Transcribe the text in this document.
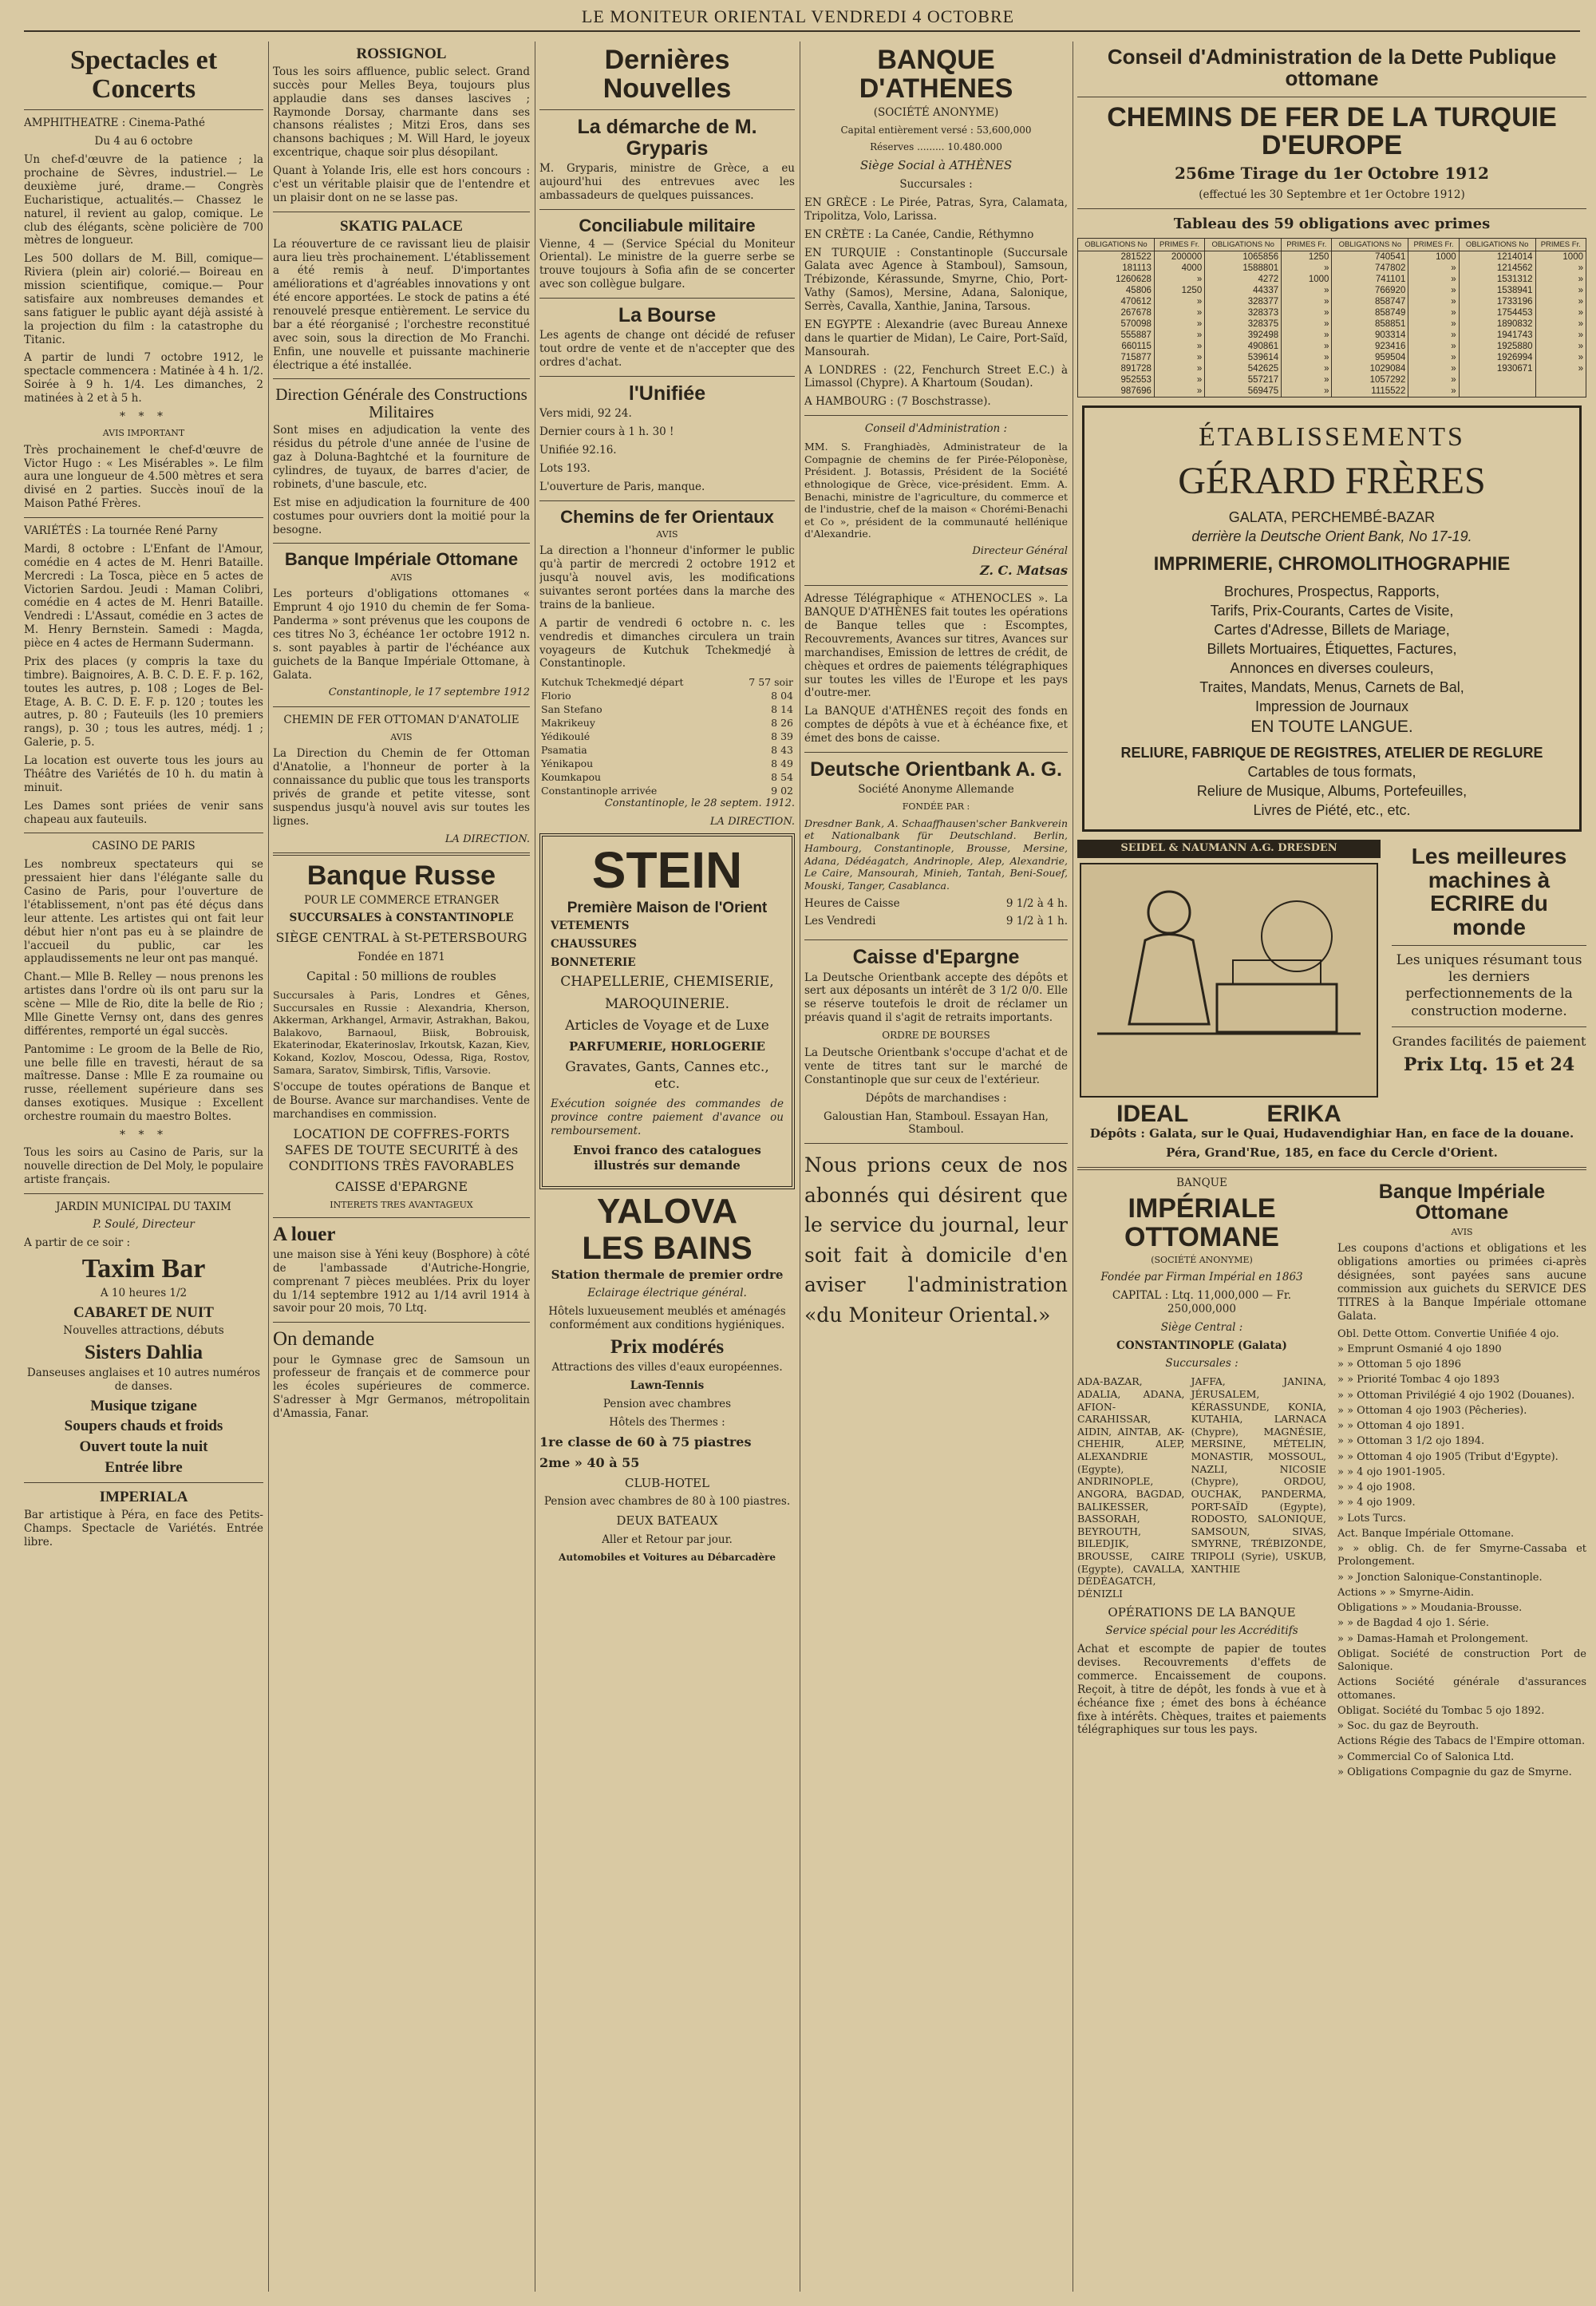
LE MONITEUR ORIENTAL VENDREDI 4 OCTOBRE
Spectacles et Concerts

AMPHITHEATRE : Cinema-Pathé

Du 4 au 6 octobre

Un chef-d'œuvre de la patience ; la prochaine de Sèvres, industriel.— Le deuxième juré, drame.— Congrès Eucharistique, actualités.— Chassez le naturel, il revient au galop, comique. Le club des élégants, scène policière de 700 mètres de longueur.

Les 500 dollars de M. Bill, comique— Riviera (plein air) colorié.— Boireau en mission scientifique, comique.— Pour satisfaire aux nombreuses demandes et sans fatiguer le public ayant déjà assisté à la projection du film : la catastrophe du Titanic.

A partir de lundi 7 octobre 1912, le spectacle commencera : Matinée à 4 h. 1/2. Soirée à 9 h. 1/4. Les dimanches, 2 matinées à 2 et à 5 h.

* * *

AVIS IMPORTANT

Très prochainement le chef-d'œuvre de Victor Hugo : « Les Misérables ». Le film aura une longueur de 4.500 mètres et sera divisé en 2 parties. Succès inouï de la Maison Pathé Frères.

VARIÉTÉS : La tournée René Parny

Mardi, 8 octobre : L'Enfant de l'Amour, comédie en 4 actes de M. Henri Bataille. Mercredi : La Tosca, pièce en 5 actes de Victorien Sardou. Jeudi : Maman Colibri, comédie en 4 actes de M. Henri Bataille. Vendredi : L'Assaut, comédie en 3 actes de M. Henry Bernstein. Samedi : Magda, pièce en 4 actes de Hermann Sudermann.

Prix des places (y compris la taxe du timbre). Baignoires, A. B. C. D. E. F. p. 162, toutes les autres, p. 108 ; Loges de Bel-Etage, A. B. C. D. E. F. p. 120 ; toutes les autres, p. 80 ; Fauteuils (les 10 premiers rangs), p. 30 ; tous les autres, médj. 1 ; Galerie, p. 5.

La location est ouverte tous les jours au Théâtre des Variétés de 10 h. du matin à minuit.

Les Dames sont priées de venir sans chapeau aux fauteuils.

CASINO DE PARIS

Les nombreux spectateurs qui se pressaient hier dans l'élégante salle du Casino de Paris, pour l'ouverture de l'établissement, n'ont pas été déçus dans leur attente. Les artistes qui ont fait leur début hier n'ont pas eu à se plaindre de l'accueil du public, car les applaudissements ne leur ont pas manqué.

Chant.— Mlle B. Relley — nous prenons les artistes dans l'ordre où ils ont paru sur la scène — Mlle de Rio, dite la belle de Rio ; Mlle Ginette Vernsy ont, dans des genres différentes, remporté un égal succès.

Pantomime : Le groom de la Belle de Rio, une belle fille en travesti, héraut de sa maîtresse. Danse : Mlle E za roumaine ou russe, réellement supérieure dans ses danses exotiques. Musique : Excellent orchestre roumain du maestro Boltes.

* * *

Tous les soirs au Casino de Paris, sur la nouvelle direction de Del Moly, le populaire artiste français.

JARDIN MUNICIPAL DU TAXIM

P. Soulé, Directeur

A partir de ce soir :

Taxim Bar

A 10 heures 1/2

CABARET DE NUIT

Nouvelles attractions, débuts

Sisters Dahlia

Danseuses anglaises et 10 autres numéros de danses.

Musique tzigane
Soupers chauds et froids
Ouvert toute la nuit
Entrée libre
IMPERIALA

Bar artistique à Péra, en face des Petits-Champs. Spectacle de Variétés. Entrée libre.

ROSSIGNOL

Tous les soirs affluence, public select. Grand succès pour Melles Beya, toujours plus applaudie dans ses danses lascives ; Raymonde Dorsay, charmante dans ses chansons réalistes ; Mitzi Eros, dans ses chansons bachiques ; M. Will Hard, le joyeux excentrique, chaque soir plus désopilant.

Quant à Yolande Iris, elle est hors concours : c'est un véritable plaisir que de l'entendre et un plaisir dont on ne se lasse pas.

SKATIG PALACE

La réouverture de ce ravissant lieu de plaisir aura lieu très prochainement. L'établissement a été remis à neuf. D'importantes améliorations et d'agréables innovations y ont été encore apportées. Le stock de patins a été renouvelé presque entièrement. Le service du bar a été réorganisé ; l'orchestre reconstitué avec soin, sous la direction de Mo Franchi. Enfin, une nouvelle et puissante machinerie électrique a été installée.

Direction Générale des Constructions Militaires

Sont mises en adjudication la vente des résidus du pétrole d'une année de l'usine de gaz à Doluna-Baghtché et la fourniture de cylindres, de tuyaux, de barres d'acier, de robinets, d'une bascule, etc.

Est mise en adjudication la fourniture de 400 costumes pour ouvriers dont la moitié pour la besogne.

Banque Impériale Ottomane

AVIS

Les porteurs d'obligations ottomanes « Emprunt 4 ojo 1910 du chemin de fer Soma-Panderma » sont prévenus que les coupons de ces titres No 3, échéance 1er octobre 1912 n. s. sont payables à partir de l'échéance aux guichets de la Banque Impériale Ottomane, à Galata.

Constantinople, le 17 septembre 1912

CHEMIN DE FER OTTOMAN D'ANATOLIE

AVIS

La Direction du Chemin de fer Ottoman d'Anatolie, a l'honneur de porter à la connaissance du public que tous les transports privés de grande et petite vitesse, sont suspendus jusqu'à nouvel avis sur toutes les lignes.

LA DIRECTION.

Banque Russe

POUR LE COMMERCE ETRANGER

SUCCURSALES à CONSTANTINOPLE

SIÈGE CENTRAL à St-PETERSBOURG

Fondée en 1871

Capital : 50 millions de roubles

Succursales à Paris, Londres et Gênes, Succursales en Russie : Alexandria, Kherson, Akkerman, Arkhangel, Armavir, Astrakhan, Bakou, Balakovo, Barnaoul, Biisk, Bobrouisk, Ekaterinodar, Ekaterinoslav, Irkoutsk, Kazan, Kiev, Kokand, Kozlov, Moscou, Odessa, Riga, Rostov, Samara, Saratov, Simbirsk, Tiflis, Varsovie.

S'occupe de toutes opérations de Banque et de Bourse. Avance sur marchandises. Vente de marchandises en commission.

LOCATION DE COFFRES-FORTS SAFES DE TOUTE SECURITÉ à des CONDITIONS TRÈS FAVORABLES

CAISSE d'EPARGNE

INTERETS TRES AVANTAGEUX

A louer

une maison sise à Yéni keuy (Bosphore) à côté de l'ambassade d'Autriche-Hongrie, comprenant 7 pièces meublées. Prix du loyer du 1/14 septembre 1912 au 1/14 avril 1914 à savoir pour 20 mois, 70 Ltq.

On demande

pour le Gymnase grec de Samsoun un professeur de français et de commerce pour les écoles supérieures de commerce. S'adresser à Mgr Germanos, métropolitain d'Amassia, Fanar.

Dernières Nouvelles
La démarche de M. Gryparis

M. Gryparis, ministre de Grèce, a eu aujourd'hui des entrevues avec les ambassadeurs de quelques puissances.

Conciliabule militaire

Vienne, 4 — (Service Spécial du Moniteur Oriental). Le ministre de la guerre serbe se trouve toujours à Sofia afin de se concerter avec son collègue bulgare.

La Bourse

Les agents de change ont décidé de refuser tout ordre de vente et de n'accepter que des ordres d'achat.

l'Unifiée

Vers midi, 92 24.

Dernier cours à 1 h. 30 !

Unifiée 92.16.

Lots 193.

L'ouverture de Paris, manque.

Chemins de fer Orientaux

AVIS

La direction a l'honneur d'informer le public qu'à partir de mercredi 2 octobre 1912 et jusqu'à nouvel avis, les modifications suivantes seront portées dans la marche des trains de la banlieue.

A partir de vendredi 6 octobre n. c. les vendredis et dimanches circulera un train voyageurs de Kutchuk Tchekmedjé à Constantinople.

Kutchuk Tchekmedjé départ	7 57 soir
Florio	8 04
San Stefano	8 14
Makrikeuy	8 26
Yédikoulé	8 39
Psamatia	8 43
Yénikapou	8 49
Koumkapou	8 54
Constantinople arrivée	9 02

Constantinople, le 28 septem. 1912.

LA DIRECTION.

STEIN
Première Maison de l'Orient

VETEMENTS

CHAUSSURES

BONNETERIE

CHAPELLERIE, CHEMISERIE,

MAROQUINERIE.

Articles de Voyage et de Luxe

PARFUMERIE, HORLOGERIE

Gravates, Gants, Cannes etc., etc.

Exécution soignée des commandes de province contre paiement d'avance ou remboursement.

Envoi franco des catalogues illustrés sur demande

YALOVA
LES BAINS

Station thermale de premier ordre

Eclairage électrique général.

Hôtels luxueusement meublés et aménagés conformément aux conditions hygiéniques.

Prix modérés

Attractions des villes d'eaux européennes.

Lawn-Tennis

Pension avec chambres

Hôtels des Thermes :

1re classe de 60 à 75 piastres

2me » 40 à 55

CLUB-HOTEL

Pension avec chambres de 80 à 100 piastres.

DEUX BATEAUX

Aller et Retour par jour.

Automobiles et Voitures au Débarcadère

BANQUE D'ATHENES

(SOCIÉTÉ ANONYME)

Capital entièrement versé : 53,600,000

Réserves ......... 10.480.000

Siège Social à ATHÈNES

Succursales :

EN GRÈCE : Le Pirée, Patras, Syra, Calamata, Tripolitza, Volo, Larissa.

EN CRÈTE : La Canée, Candie, Réthymno

EN TURQUIE : Constantinople (Succursale Galata avec Agence à Stamboul), Samsoun, Trébizonde, Kérassunde, Smyrne, Chio, Port-Vathy (Samos), Mersine, Adana, Salonique, Serrès, Cavalla, Xanthie, Janina, Tarsous.

EN EGYPTE : Alexandrie (avec Bureau Annexe dans le quartier de Midan), Le Caire, Port-Saïd, Mansourah.

A LONDRES : (22, Fenchurch Street E.C.) à Limassol (Chypre). A Khartoum (Soudan).

A HAMBOURG : (7 Boschstrasse).

Conseil d'Administration :

MM. S. Franghiadès, Administrateur de la Compagnie de chemins de fer Pirée-Péloponèse, Président. J. Botassis, Président de la Société ethnologique de Grèce, vice-président. Emm. A. Benachi, ministre de l'agriculture, du commerce et de l'industrie, chef de la maison « Chorémi-Benachi et Co », président de la communauté hellénique d'Alexandrie.

Directeur Général

Z. C. Matsas

Adresse Télégraphique « ATHENOCLES ». La BANQUE D'ATHÈNES fait toutes les opérations de Banque telles que : Escomptes, Recouvrements, Avances sur titres, Avances sur marchandises, Emission de lettres de crédit, de chèques et ordres de paiements télégraphiques sur toutes les villes de l'Europe et les pays d'outre-mer.

La BANQUE d'ATHÈNES reçoit des fonds en comptes de dépôts à vue et à échéance fixe, et émet des bons de caisse.

Deutsche Orientbank A. G.

Société Anonyme Allemande

FONDÉE PAR :

Dresdner Bank, A. Schaaffhausen'scher Bankverein et Nationalbank für Deutschland. Berlin, Hambourg, Constantinople, Brousse, Mersine, Adana, Dédéagatch, Andrinople, Alep, Alexandrie, Le Caire, Mansourah, Minieh, Tantah, Beni-Souef, Mouski, Tanger, Casablanca.

Heures de Caisse	9 1/2 à 4 h.

Les Vendredi	9 1/2 à 1 h.

Caisse d'Epargne

La Deutsche Orientbank accepte des dépôts et sert aux déposants un intérêt de 3 1/2 0/0. Elle se réserve toutefois le droit de réclamer un préavis quand il s'agit de retraits importants.

ORDRE DE BOURSES

La Deutsche Orientbank s'occupe d'achat et de vente de titres tant sur le marché de Constantinople que sur ceux de l'extérieur.

Dépôts de marchandises :

Galoustian Han, Stamboul. Essayan Han, Stamboul.

Nous prions ceux de nos abonnés qui désirent que le service du journal, leur soit fait à domicile d'en aviser l'administration «du Moniteur Oriental.»

Conseil d'Administration de la Dette Publique ottomane
CHEMINS DE FER DE LA TURQUIE D'EUROPE

256me Tirage du 1er Octobre 1912

(effectué les 30 Septembre et 1er Octobre 1912)

Tableau des 59 obligations avec primes

OBLIGATIONS No	PRIMES Fr.	OBLIGATIONS No	PRIMES Fr.	OBLIGATIONS No	PRIMES Fr.	OBLIGATIONS No	PRIMES Fr.
281522	200000	1065856	1250	740541	1000	1214014	1000
181113	4000	1588801	»	747802	»	1214562	»
1260628	»	4272	1000	741101	»	1531312	»
45806	1250	44337	»	766920	»	1538941	»
470612	»	328377	»	858747	»	1733196	»
267678	»	328373	»	858749	»	1754453	»
570098	»	328375	»	858851	»	1890832	»
555887	»	392498	»	903314	»	1941743	»
660115	»	490861	»	923416	»	1925880	»
715877	»	539614	»	959504	»	1926994	»
891728	»	542625	»	1029084	»	1930671	»
952553	»	557217	»	1057292	»		
987696	»	569475	»	1115522	»		
ÉTABLISSEMENTS
GÉRARD FRÈRES
GALATA, PERCHEMBÉ-BAZAR
derrière la Deutsche Orient Bank, No 17-19.
IMPRIMERIE, CHROMOLITHOGRAPHIE
Brochures, Prospectus, Rapports,
Tarifs, Prix-Courants, Cartes de Visite,
Cartes d'Adresse, Billets de Mariage,
Billets Mortuaires, Étiquettes, Factures,
Annonces en diverses couleurs,
Traites, Mandats, Menus, Carnets de Bal,
Impression de Journaux
EN TOUTE LANGUE.
RELIURE, FABRIQUE DE REGISTRES, ATELIER DE REGLURE
Cartables de tous formats,
Reliure de Musique, Albums, Portefeuilles,
Livres de Piété, etc., etc.

SEIDEL & NAUMANN A.G. DRESDEN

IDEAL	ERIKA
Les meilleures machines à ECRIRE du monde

Les uniques résumant tous les derniers perfectionnements de la construction moderne.

Grandes facilités de paiement

Prix Ltq. 15 et 24

Dépôts : Galata, sur le Quai, Hudavendighiar Han, en face de la douane.

Péra, Grand'Rue, 185, en face du Cercle d'Orient.

BANQUE

IMPÉRIALE OTTOMANE

(SOCIÉTÉ ANONYME)

Fondée par Firman Impérial en 1863

CAPITAL : Ltq. 11,000,000 — Fr. 250,000,000

Siège Central :

CONSTANTINOPLE (Galata)

Succursales :

ADA-BAZAR, ADALIA, ADANA, AFION-CARAHISSAR, AIDIN, AINTAB, AK-CHEHIR, ALEP, ALEXANDRIE (Egypte), ANDRINOPLE, ANGORA, BAGDAD, BALIKESSER, BASSORAH, BEYROUTH, BILEDJIK, BROUSSE, CAIRE (Egypte), CAVALLA, DÉDÉAGATCH, DÉNIZLI

JAFFA, JANINA, JÉRUSALEM, KÉRASSUNDE, KONIA, KUTAHIA, LARNACA (Chypre), MAGNÉSIE, MERSINE, MÉTELIN, MONASTIR, MOSSOUL, NAZLI, NICOSIE (Chypre), ORDOU, OUCHAK, PANDERMA, PORT-SAÏD (Egypte), RODOSTO, SALONIQUE, SAMSOUN, SIVAS, SMYRNE, TRÉBIZONDE, TRIPOLI (Syrie), USKUB, XANTHIE

OPÉRATIONS DE LA BANQUE

Service spécial pour les Accréditifs

Achat et escompte de papier de toutes devises. Recouvrements d'effets de commerce. Encaissement de coupons. Reçoit, à titre de dépôt, les fonds à vue et à échéance fixe ; émet des bons à échéance fixe à intérêts. Chèques, traites et paiements télégraphiques sur tous les pays.

Banque Impériale Ottomane

AVIS

Les coupons d'actions et obligations et les obligations amorties ou primées ci-après désignées, sont payées sans aucune commission aux guichets du SERVICE DES TITRES à la Banque Impériale ottomane Galata.

Obl. Dette Ottom. Convertie Unifiée 4 ojo.

» Emprunt Osmanié 4 ojo 1890

» » Ottoman 5 ojo 1896

» » Priorité Tombac 4 ojo 1893

» » Ottoman Privilégié 4 ojo 1902 (Douanes).

» » Ottoman 4 ojo 1903 (Pêcheries).

» » Ottoman 4 ojo 1891.

» » Ottoman 3 1/2 ojo 1894.

» » Ottoman 4 ojo 1905 (Tribut d'Egypte).

» » 4 ojo 1901-1905.

» » 4 ojo 1908.

» » 4 ojo 1909.

» Lots Turcs.

Act. Banque Impériale Ottomane.

» » oblig. Ch. de fer Smyrne-Cassaba et Prolongement.

» » Jonction Salonique-Constantinople.

Actions » » Smyrne-Aidin.

Obligations » » Moudania-Brousse.

» » de Bagdad 4 ojo 1. Série.

» » Damas-Hamah et Prolongement.

Obligat. Société de construction Port de Salonique.

Actions Société générale d'assurances ottomanes.

Obligat. Société du Tombac 5 ojo 1892.

» Soc. du gaz de Beyrouth.

Actions Régie des Tabacs de l'Empire ottoman.

» Commercial Co of Salonica Ltd.

» Obligations Compagnie du gaz de Smyrne.
